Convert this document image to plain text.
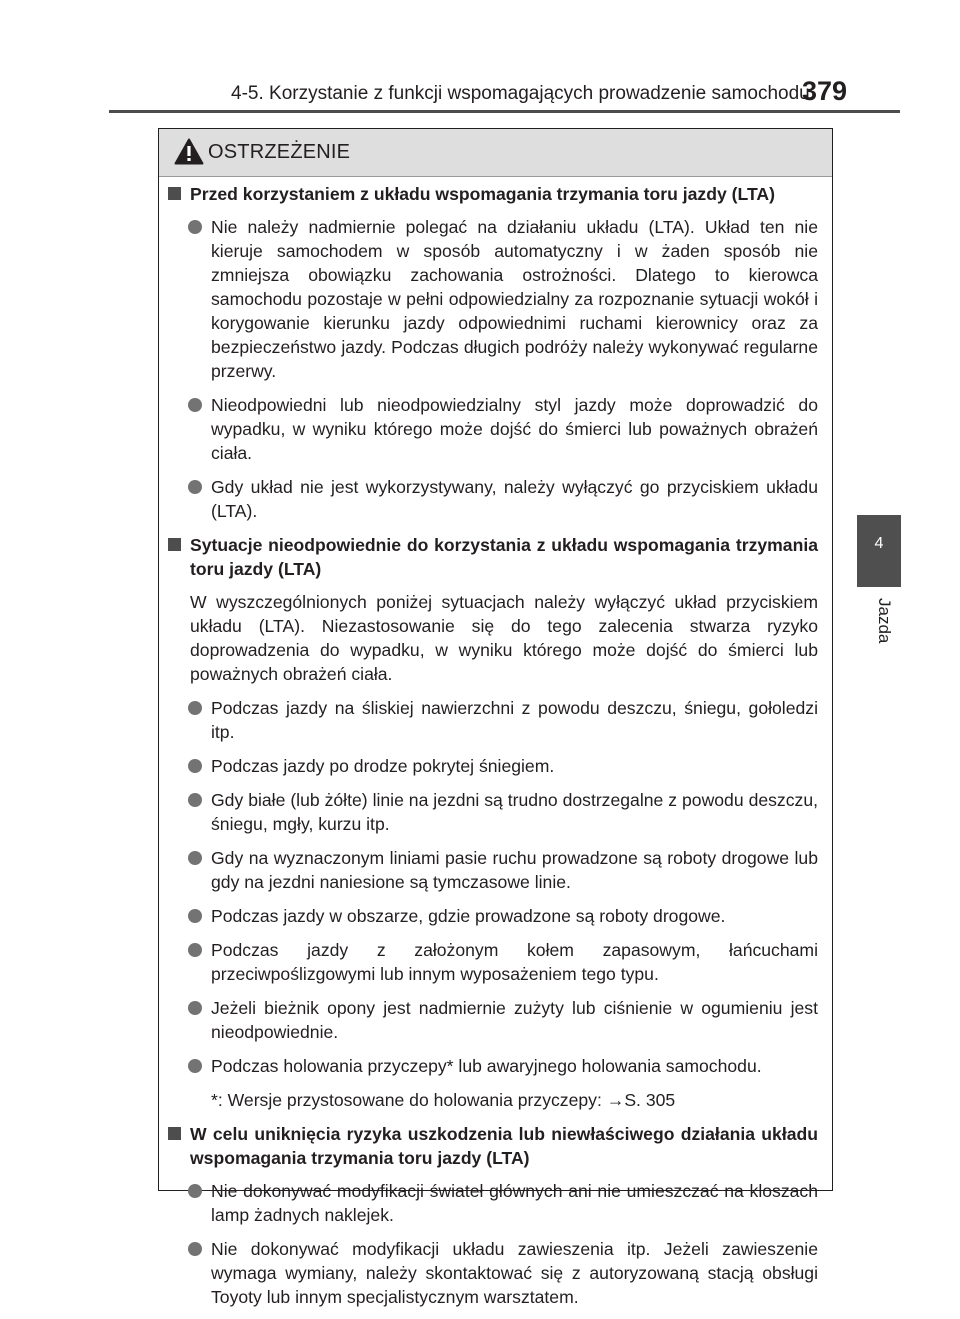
4-5. Korzystanie z funkcji wspomagających prowadzenie samochodu
379
4
Jazda
OSTRZEŻENIE
Przed korzystaniem z układu wspomagania trzymania toru jazdy (LTA)
Nie należy nadmiernie polegać na działaniu układu (LTA). Układ ten nie kieruje samochodem w sposób automatyczny i w żaden sposób nie zmniejsza obowiązku zachowania ostrożności. Dlatego to kierowca samochodu pozostaje w pełni odpowiedzialny za rozpoznanie sytuacji wokół i korygowanie kierunku jazdy odpowiednimi ruchami kierownicy oraz za bezpieczeństwo jazdy. Podczas długich podróży należy wykonywać regularne przerwy.
Nieodpowiedni lub nieodpowiedzialny styl jazdy może doprowadzić do wypadku, w wyniku którego może dojść do śmierci lub poważnych obrażeń ciała.
Gdy układ nie jest wykorzystywany, należy wyłączyć go przyciskiem układu (LTA).
Sytuacje nieodpowiednie do korzystania z układu wspomagania trzymania toru jazdy (LTA)
W wyszczególnionych poniżej sytuacjach należy wyłączyć układ przyciskiem układu (LTA). Niezastosowanie się do tego zalecenia stwarza ryzyko doprowadzenia do wypadku, w wyniku którego może dojść do śmierci lub poważnych obrażeń ciała.
Podczas jazdy na śliskiej nawierzchni z powodu deszczu, śniegu, gołoledzi itp.
Podczas jazdy po drodze pokrytej śniegiem.
Gdy białe (lub żółte) linie na jezdni są trudno dostrzegalne z powodu deszczu, śniegu, mgły, kurzu itp.
Gdy na wyznaczonym liniami pasie ruchu prowadzone są roboty drogowe lub gdy na jezdni naniesione są tymczasowe linie.
Podczas jazdy w obszarze, gdzie prowadzone są roboty drogowe.
Podczas jazdy z założonym kołem zapasowym, łańcuchami przeciwpoślizgowymi lub innym wyposażeniem tego typu.
Jeżeli bieżnik opony jest nadmiernie zużyty lub ciśnienie w ogumieniu jest nieodpowiednie.
Podczas holowania przyczepy* lub awaryjnego holowania samochodu.
*: Wersje przystosowane do holowania przyczepy: →S. 305
W celu uniknięcia ryzyka uszkodzenia lub niewłaściwego działania układu wspomagania trzymania toru jazdy (LTA)
Nie dokonywać modyfikacji świateł głównych ani nie umieszczać na kloszach lamp żadnych naklejek.
Nie dokonywać modyfikacji układu zawieszenia itp. Jeżeli zawieszenie wymaga wymiany, należy skontaktować się z autoryzowaną stacją obsługi Toyoty lub innym specjalistycznym warsztatem.
